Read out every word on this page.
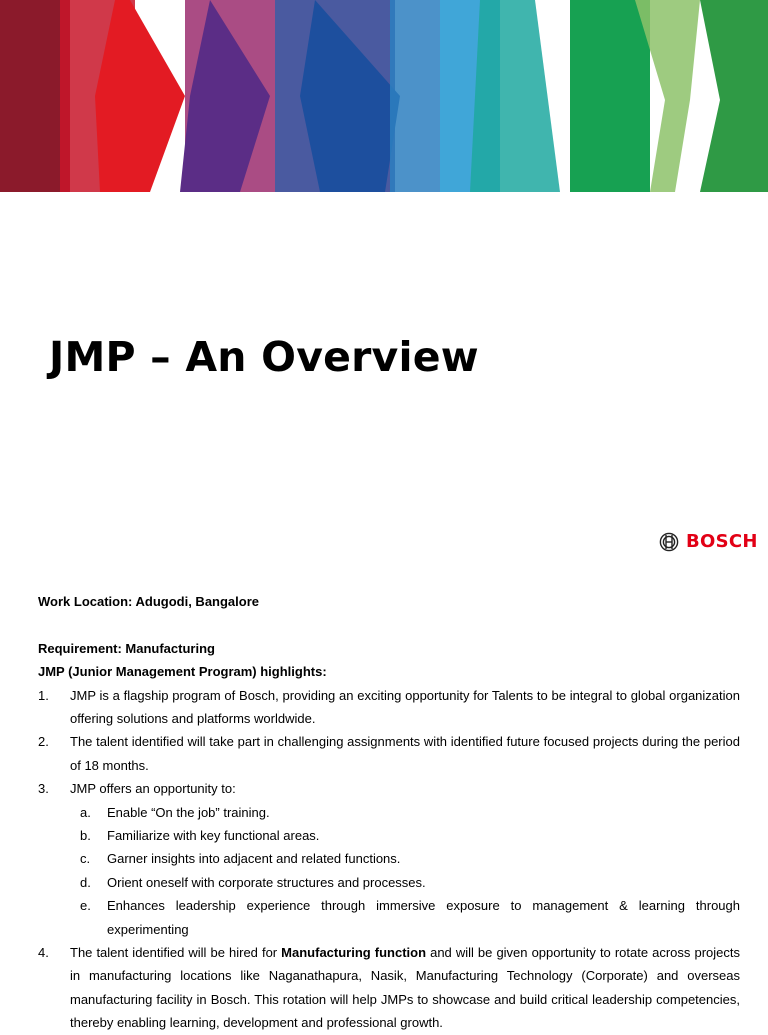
JMP – An Overview
BOSCH
Work Location: Adugodi, Bangalore
Requirement: Manufacturing
JMP (Junior Management Program) highlights:
1.	JMP is a flagship program of Bosch, providing an exciting opportunity for Talents to be integral to global organization offering solutions and platforms worldwide.
2.	The talent identified will take part in challenging assignments with identified future focused projects during the period of 18 months.
3.	JMP offers an opportunity to:
a.	Enable “On the job” training.
b.	Familiarize with key functional areas.
c.	Garner insights into adjacent and related functions.
d.	Orient oneself with corporate structures and processes.
e.	Enhances leadership experience through immersive exposure to management & learning through experimenting
4.	The talent identified will be hired for Manufacturing function and will be given opportunity to rotate across projects in manufacturing locations like Naganathapura, Nasik, Manufacturing Technology (Corporate) and overseas manufacturing facility in Bosch. This rotation will help JMPs to showcase and build critical leadership competencies, thereby enabling learning, development and professional growth.
